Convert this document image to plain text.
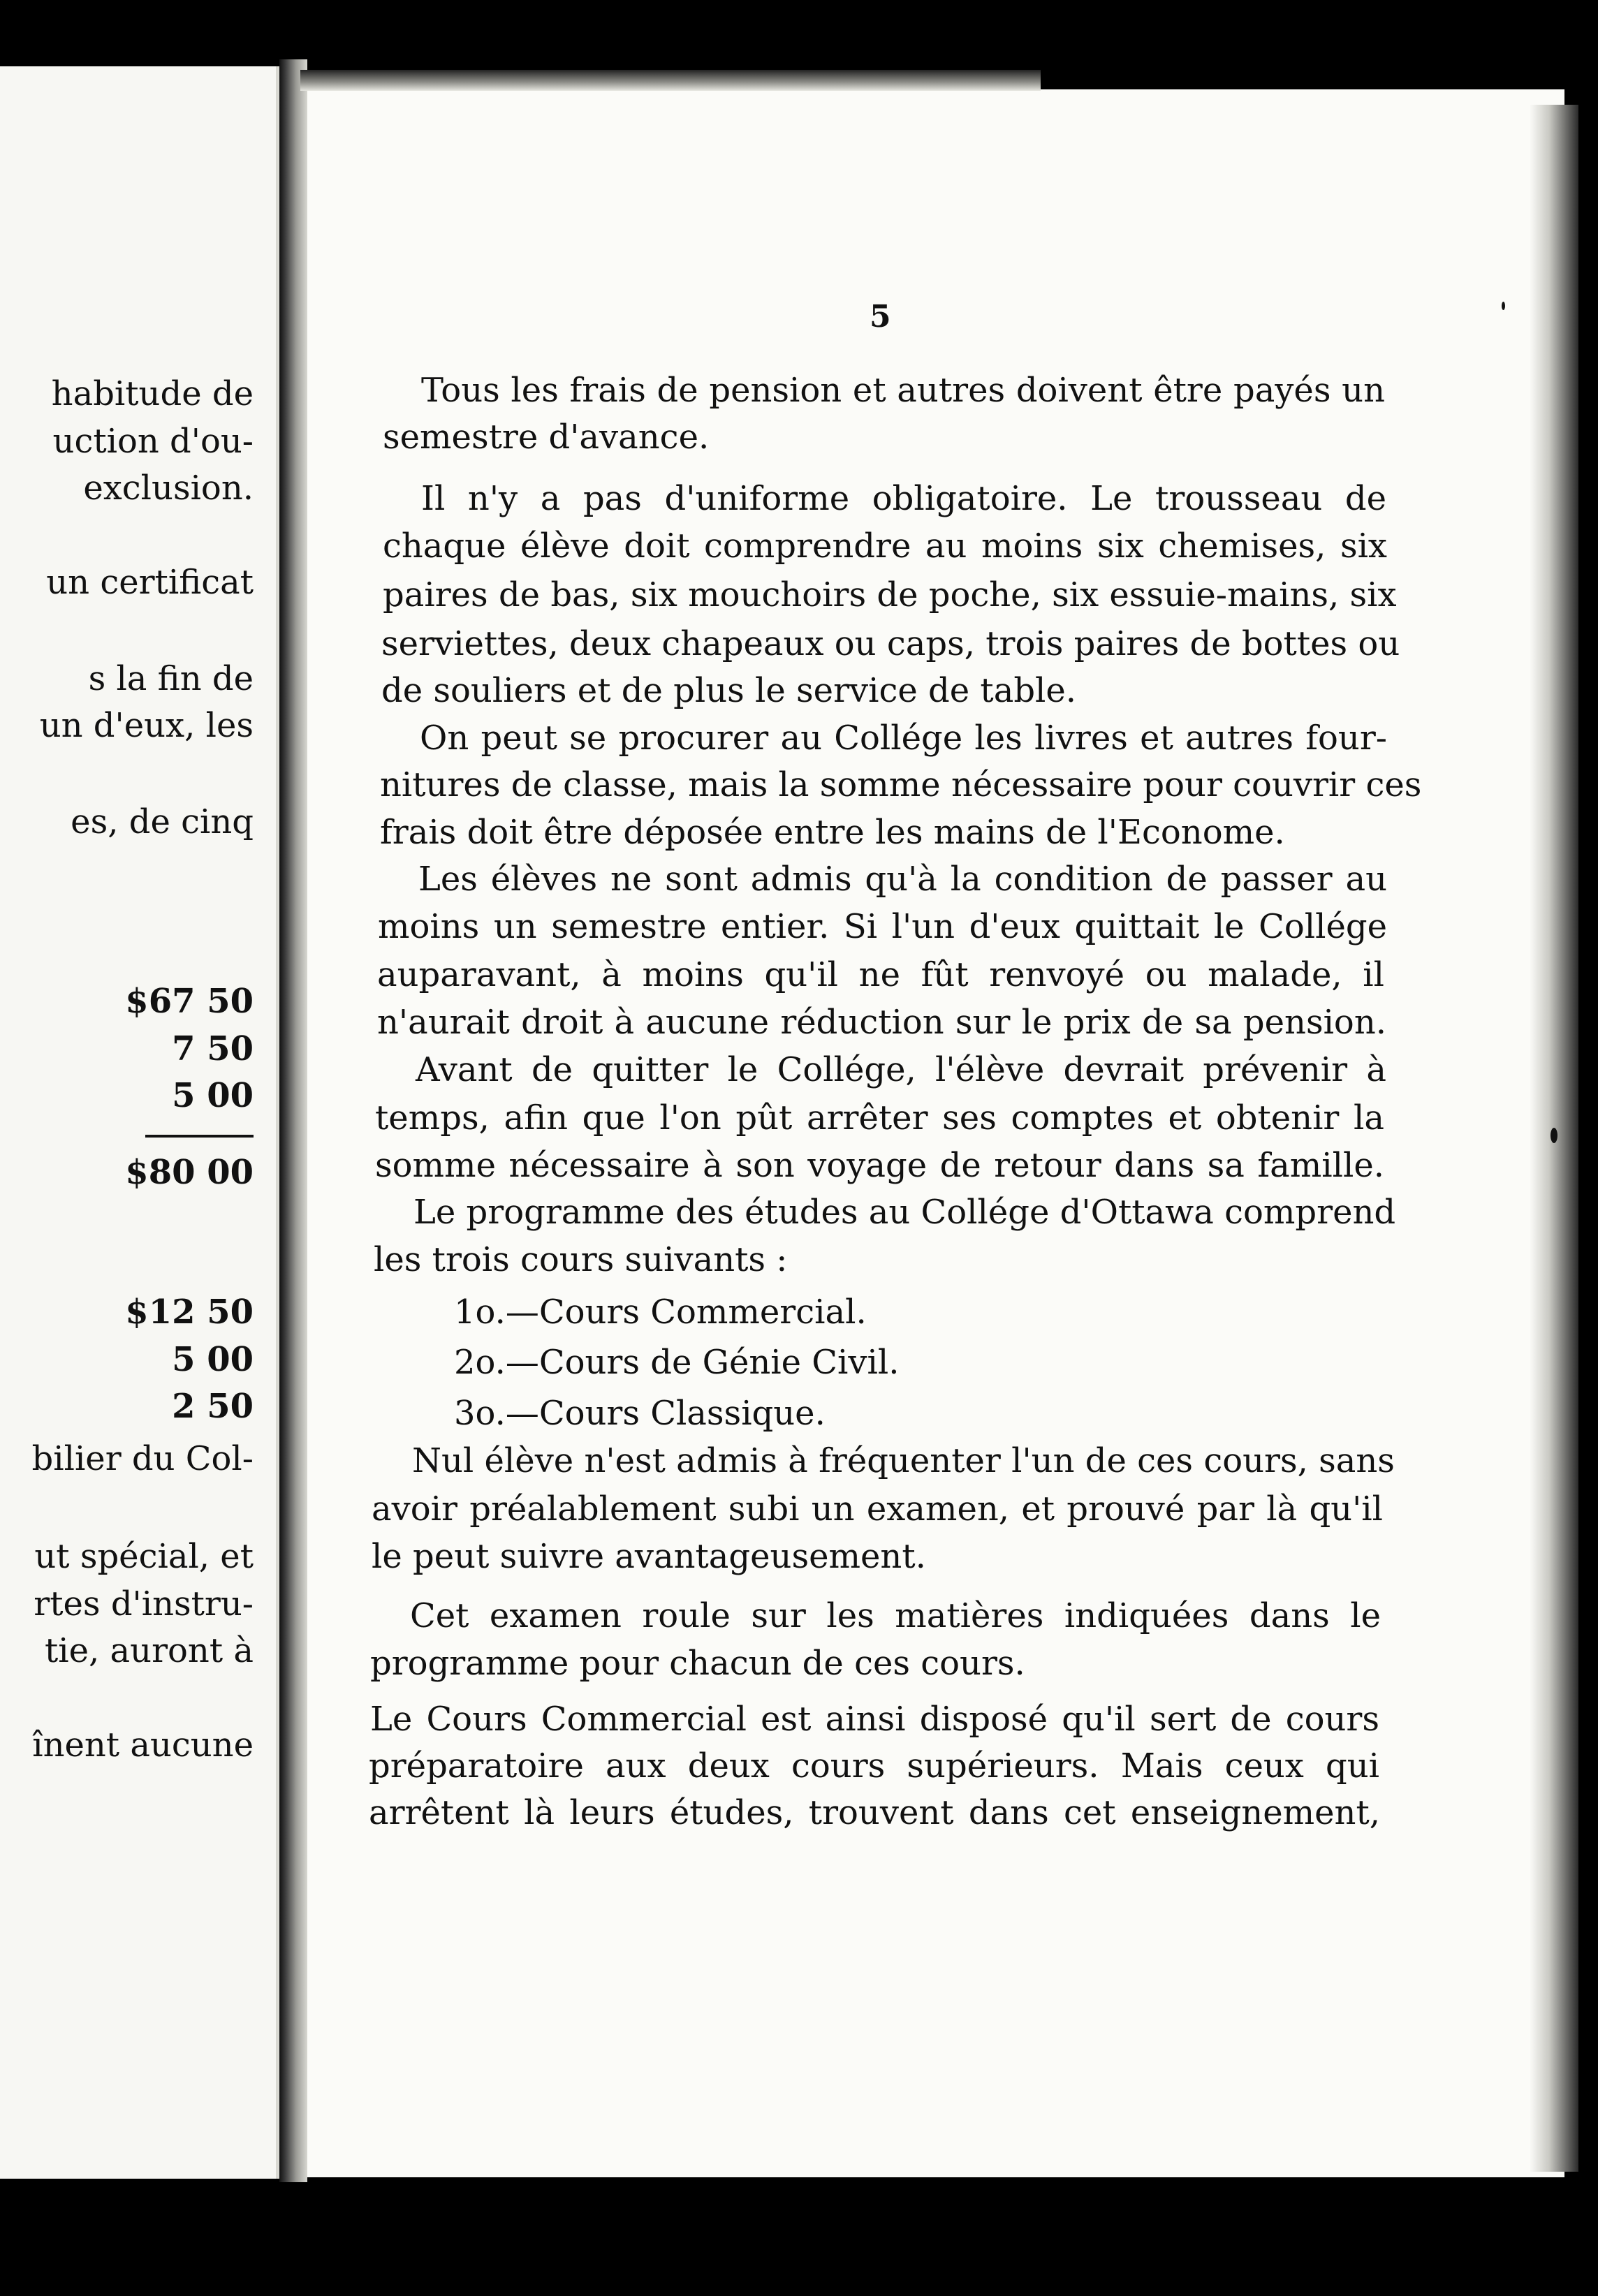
habitude de
uction d'ou-
exclusion.
un certificat
s la fin de
un d'eux, les
es, de cinq
$67 50
7 50
5 00
$80 00
$12 50
5 00
2 50
bilier du Col-
ut spécial, et
rtes d'instru-
tie, auront à
înent aucune
5
Tous les frais de pension et autres doivent être payés un
semestre d'avance.
Il n'y a pas d'uniforme obligatoire. Le trousseau de
chaque élève doit comprendre au moins six chemises, six
paires de bas, six mouchoirs de poche, six essuie-mains, six
serviettes, deux chapeaux ou caps, trois paires de bottes ou
de souliers et de plus le service de table.
On peut se procurer au Collége les livres et autres four-
nitures de classe, mais la somme nécessaire pour couvrir ces
frais doit être déposée entre les mains de l'Econome.
Les élèves ne sont admis qu'à la condition de passer au
moins un semestre entier. Si l'un d'eux quittait le Collége
auparavant, à moins qu'il ne fût renvoyé ou malade, il
n'aurait droit à aucune réduction sur le prix de sa pension.
Avant de quitter le Collége, l'élève devrait prévenir à
temps, afin que l'on pût arrêter ses comptes et obtenir la
somme nécessaire à son voyage de retour dans sa famille.
Le programme des études au Collége d'Ottawa comprend
les trois cours suivants :
1o.—Cours Commercial.
2o.—Cours de Génie Civil.
3o.—Cours Classique.
Nul élève n'est admis à fréquenter l'un de ces cours, sans
avoir préalablement subi un examen, et prouvé par là qu'il
le peut suivre avantageusement.
Cet examen roule sur les matières indiquées dans le
programme pour chacun de ces cours.
Le Cours Commercial est ainsi disposé qu'il sert de cours
préparatoire aux deux cours supérieurs. Mais ceux qui
arrêtent là leurs études, trouvent dans cet enseignement,
